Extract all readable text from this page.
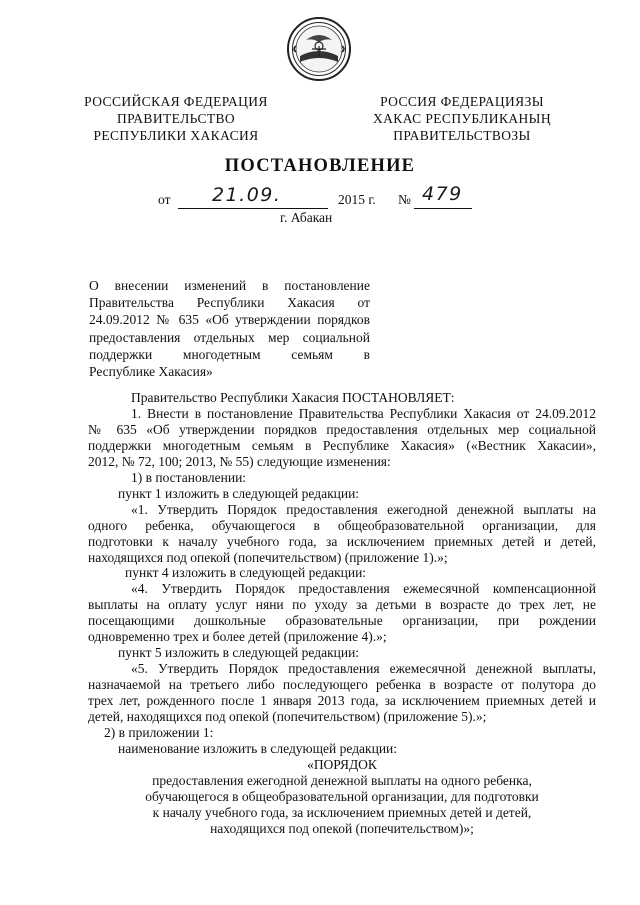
РОССИЙСКАЯ ФЕДЕРАЦИЯ
ПРАВИТЕЛЬСТВО
РЕСПУБЛИКИ ХАКАСИЯ
РОССИЯ ФЕДЕРАЦИЯЗЫ
ХАКАС РЕСПУБЛИКАНЫҢ
ПРАВИТЕЛЬСТВОЗЫ
ПОСТАНОВЛЕНИЕ
от 21.09.	2015 г. № 479
г. Абакан
О внесении изменений в постановление
Правительства Республики Хакасия от
24.09.2012 № 635 «Об утверждении порядков
предоставления отдельных мер социальной
поддержки многодетным семьям в
Республике Хакасия»
Правительство Республики Хакасия ПОСТАНОВЛЯЕТ:
1. Внести в постановление Правительства Республики Хакасия от 24.09.2012
№ 635 «Об утверждении порядков предоставления отдельных мер социальной
поддержки многодетным семьям в Республике Хакасия» («Вестник Хакасии»,
2012, № 72, 100; 2013, № 55) следующие изменения:
1) в постановлении:
пункт 1 изложить в следующей редакции:
«1. Утвердить Порядок предоставления ежегодной денежной выплаты на
одного ребенка, обучающегося в общеобразовательной организации, для
подготовки к началу учебного года, за исключением приемных детей и детей,
находящихся под опекой (попечительством) (приложение 1).»;
пункт 4 изложить в следующей редакции:
«4. Утвердить Порядок предоставления ежемесячной компенсационной
выплаты на оплату услуг няни по уходу за детьми в возрасте до трех лет, не
посещающими дошкольные образовательные организации, при рождении
одновременно трех и более детей (приложение 4).»;
пункт 5 изложить в следующей редакции:
«5. Утвердить Порядок предоставления ежемесячной денежной выплаты,
назначаемой на третьего либо последующего ребенка в возрасте от полутора до
трех лет, рожденного после 1 января 2013 года, за исключением приемных детей и
детей, находящихся под опекой (попечительством) (приложение 5).»;
2) в приложении 1:
наименование изложить в следующей редакции:
«ПОРЯДОК
предоставления ежегодной денежной выплаты на одного ребенка,
обучающегося в общеобразовательной организации, для подготовки
к началу учебного года, за исключением приемных детей и детей,
находящихся под опекой (попечительством)»;
